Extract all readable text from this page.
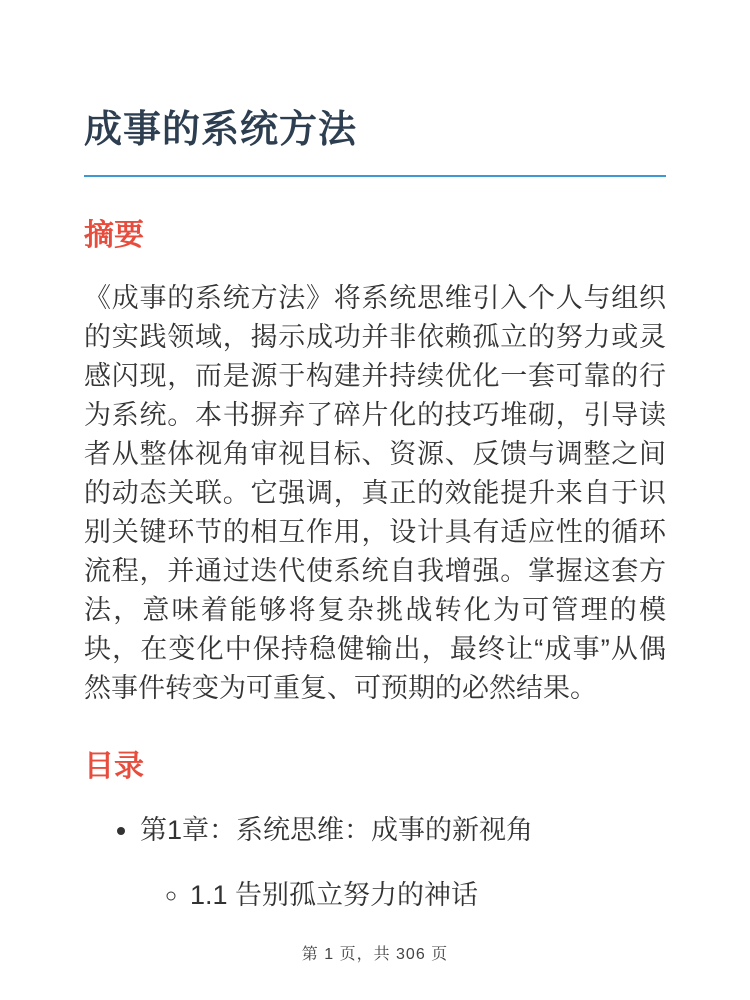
成事的系统方法
摘要

《成事的系统方法》将系统思维引入个人与组织的实践领域，揭示成功并非依赖孤立的努力或灵感闪现，而是源于构建并持续优化一套可靠的行为系统。本书摒弃了碎片化的技巧堆砌，引导读者从整体视角审视目标、资源、反馈与调整之间的动态关联。它强调，真正的效能提升来自于识别关键环节的相互作用，设计具有适应性的循环流程，并通过迭代使系统自我增强。掌握这套方法，意味着能够将复杂挑战转化为可管理的模块，在变化中保持稳健输出，最终让“成事”从偶然事件转变为可重复、可预期的必然结果。

目录
• 第1章：系统思维：成事的新视角
◦ 1.1 告别孤立努力的神话
第 1 页，共 306 页
